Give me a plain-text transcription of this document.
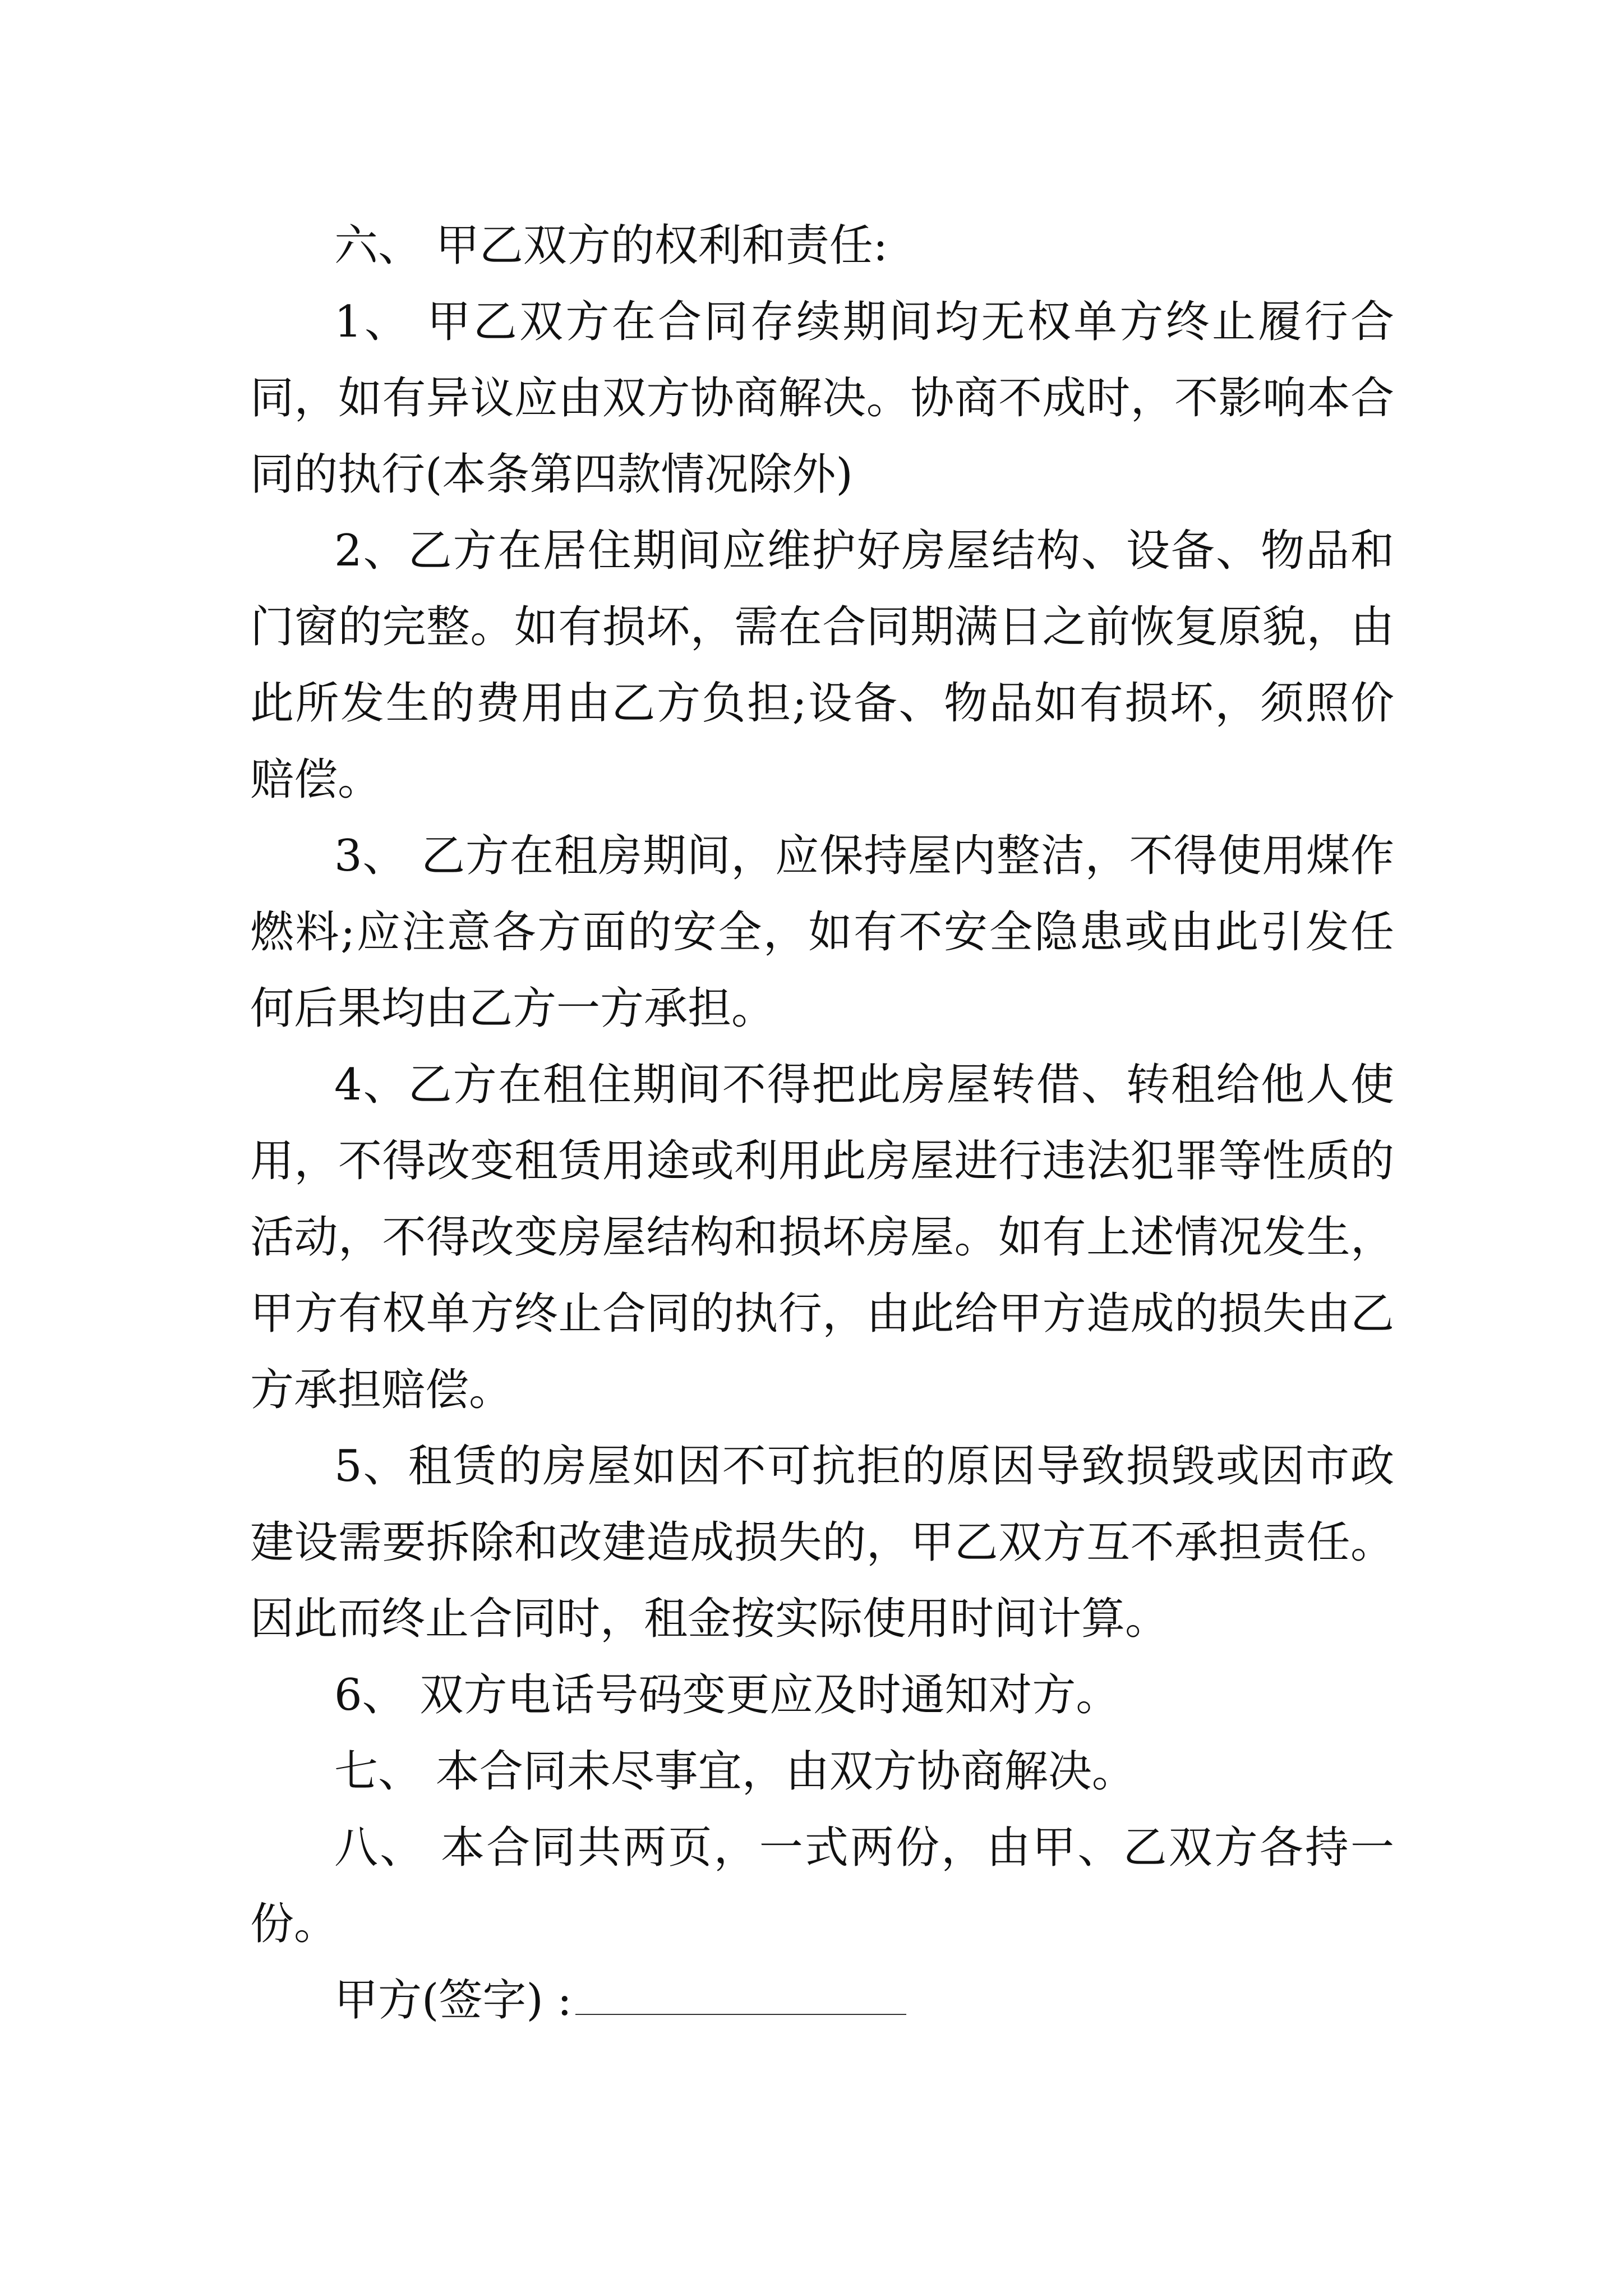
六、 甲乙双方的权利和责任:

1、 甲乙双方在合同存续期间均无权单方终止履行合同，如有异议应由双方协商解决。协商不成时，不影响本合同的执行(本条第四款情况除外)

2、乙方在居住期间应维护好房屋结构、设备、物品和门窗的完整。如有损坏，需在合同期满日之前恢复原貌，由此所发生的费用由乙方负担;设备、物品如有损坏，须照价赔偿。

3、 乙方在租房期间，应保持屋内整洁，不得使用煤作燃料;应注意各方面的安全，如有不安全隐患或由此引发任何后果均由乙方一方承担。

4、乙方在租住期间不得把此房屋转借、转租给他人使用，不得改变租赁用途或利用此房屋进行违法犯罪等性质的活动，不得改变房屋结构和损坏房屋。如有上述情况发生，甲方有权单方终止合同的执行，由此给甲方造成的损失由乙方承担赔偿。

5、租赁的房屋如因不可抗拒的原因导致损毁或因市政建设需要拆除和改建造成损失的，甲乙双方互不承担责任。因此而终止合同时，租金按实际使用时间计算。

6、 双方电话号码变更应及时通知对方。

七、 本合同未尽事宜，由双方协商解决。

八、 本合同共两页，一式两份，由甲、乙双方各持一份。

甲方(签字) :
